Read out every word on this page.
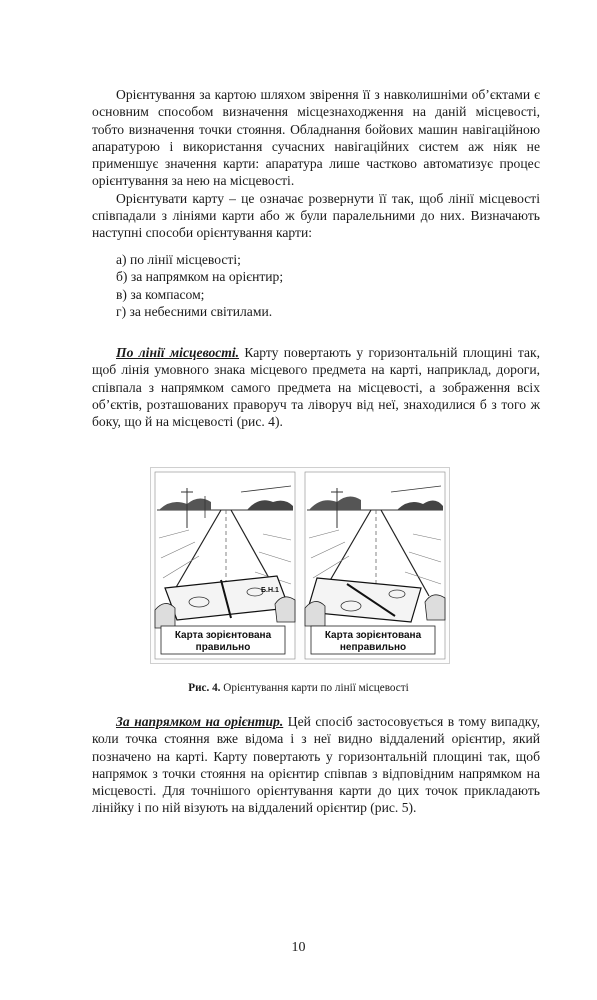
Орієнтування за картою шляхом звірення її з навколишніми об’єктами є основним способом визначення місцезнаходження на даній місцевості, тобто визначення точки стояння. Обладнання бойових машин навігаційною апаратурою і використання сучасних навігаційних систем аж ніяк не применшує значення карти: апаратура лише частково автоматизує процес орієнтування за нею на місцевості.

Орієнтувати карту – це означає розвернути її так, щоб лінії місцевості співпадали з лініями карти або ж були паралельними до них. Визначають наступні способи орієнтування карти:

а) по лінії місцевості;
б) за напрямком на орієнтир;
в) за компасом;
г) за небесними світилами.

По лінії місцевості. Карту повертають у горизонтальній площині так, щоб лінія умовного знака місцевого предмета на карті, наприклад, дороги, співпала з напрямком самого предмета на місцевості, а зображення всіх об’єктів, розташованих праворуч та ліворуч від неї, знаходилися б з того ж боку, що й на місцевості (рис. 4).

Б.Н.1
Карта зорієнтована
правильно
Карта зорієнтована
неправильно
Рис. 4. Орієнтування карти по лінії місцевості

За напрямком на орієнтир. Цей спосіб застосовується в тому випадку, коли точка стояння вже відома і з неї видно віддалений орієнтир, який позначено на карті. Карту повертають у горизонтальній площині так, щоб напрямок з точки стояння на орієнтир співпав з відповідним напрямком на місцевості. Для точнішого орієнтування карти до цих точок прикладають лінійку і по ній візують на віддалений орієнтир (рис. 5).

10
